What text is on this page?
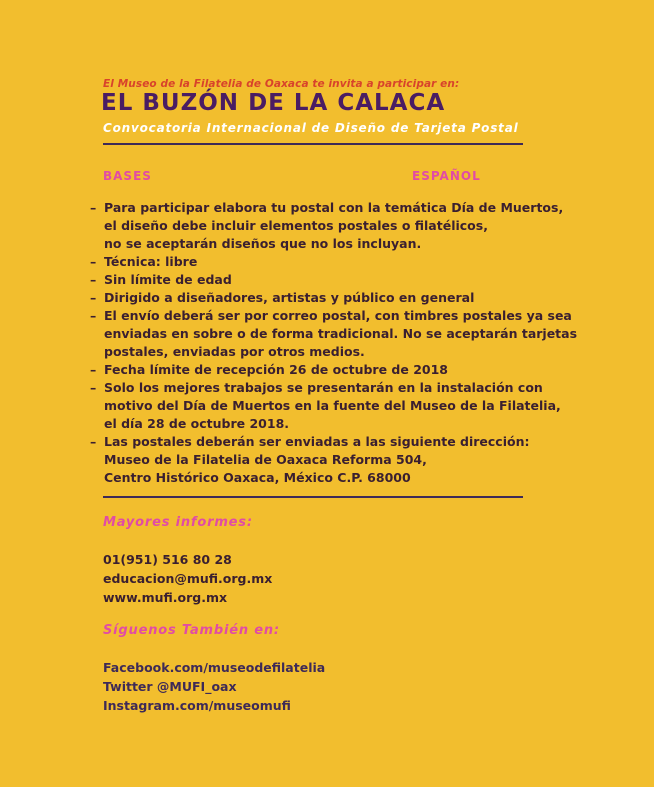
El Museo de la Filatelia de Oaxaca te invita a participar en:
EL BUZÓN DE LA CALACA
Convocatoria Internacional de Diseño de Tarjeta Postal
BASES	ESPAÑOL
– Para participar elabora tu postal con la temática Día de Muertos,
el diseño debe incluir elementos postales o filatélicos,
no se aceptarán diseños que no los incluyan.
– Técnica: libre
– Sin límite de edad
– Dirigido a diseñadores, artistas y público en general
– El envío deberá ser por correo postal, con timbres postales ya sea
enviadas en sobre o de forma tradicional. No se aceptarán tarjetas
postales, enviadas por otros medios.
– Fecha límite de recepción 26 de octubre de 2018
– Solo los mejores trabajos se presentarán en la instalación con
motivo del Día de Muertos en la fuente del Museo de la Filatelia,
el día 28 de octubre 2018.
– Las postales deberán ser enviadas a las siguiente dirección:
Museo de la Filatelia de Oaxaca Reforma 504,
Centro Histórico Oaxaca, México C.P. 68000
Mayores informes:
01(951) 516 80 28
educacion@mufi.org.mx
www.mufi.org.mx
Síguenos También en:
Facebook.com/museodefilatelia
Twitter @MUFI_oax
Instagram.com/museomufi
